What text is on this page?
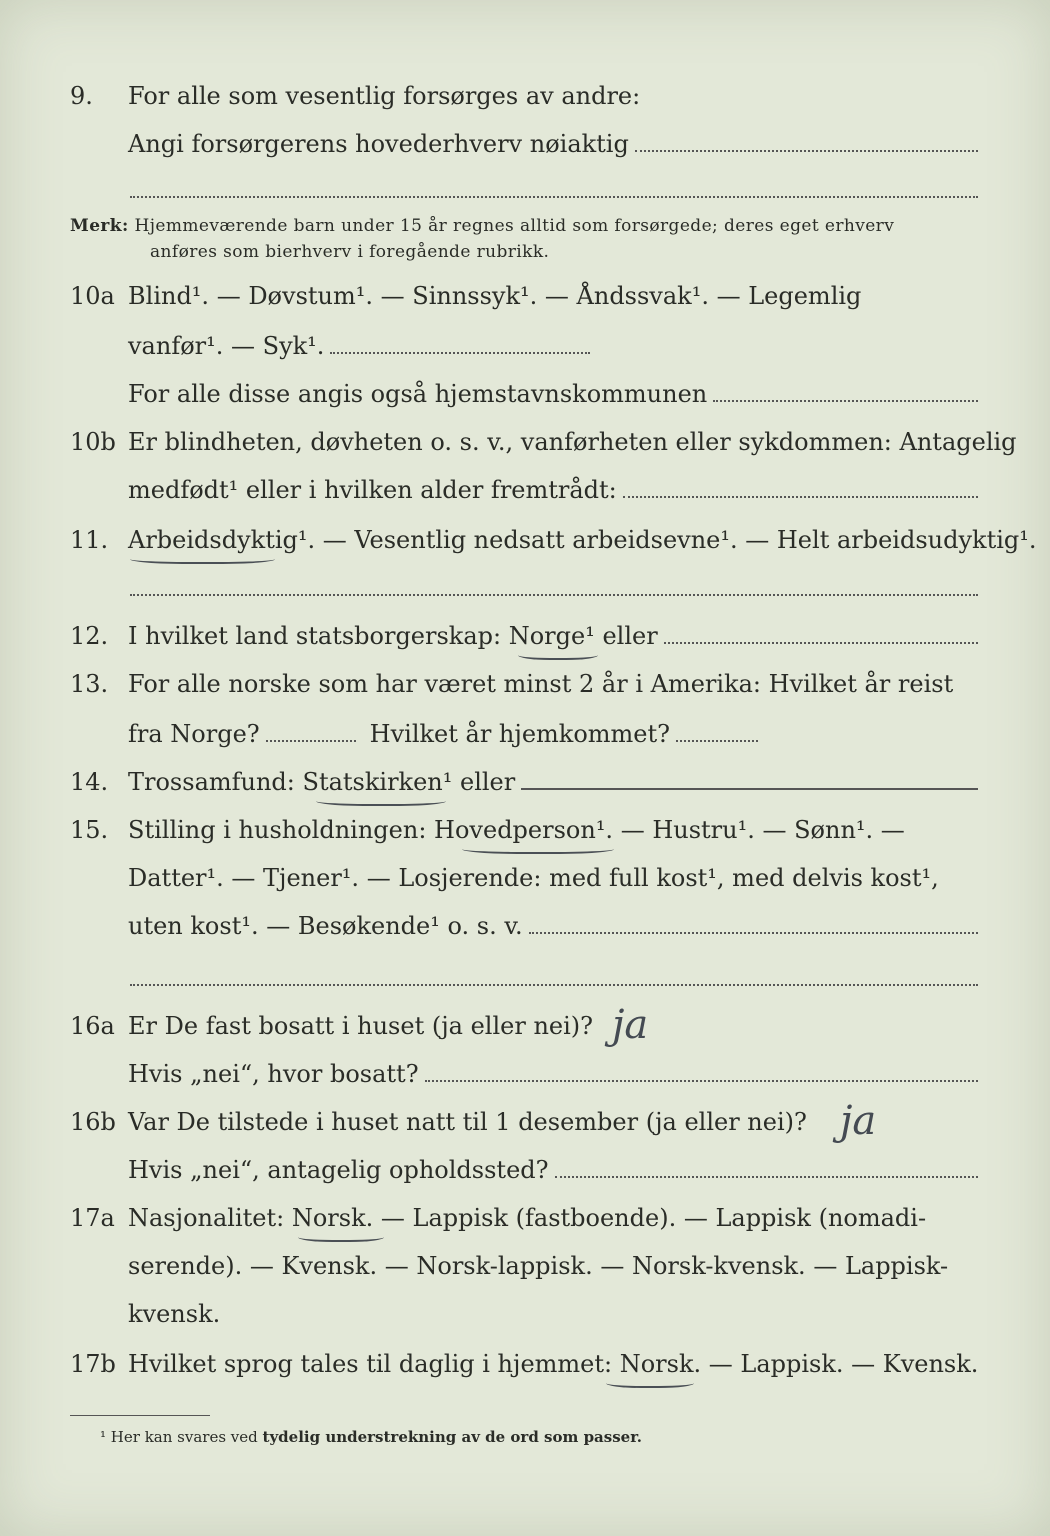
9.	For alle som vesentlig forsørges av andre:
Angi forsørgerens hovederhverv nøiaktig
Merk: Hjemmeværende barn under 15 år regnes alltid som forsørgede; deres eget erhverv
anføres som bierhverv i foregående rubrikk.
10a Blind¹. — Døvstum¹. — Sinnssyk¹. — Åndssvak¹. — Legemlig
vanfør¹. — Syk¹.
For alle disse angis også hjemstavnskommunen
10b Er blindheten, døvheten o. s. v., vanførheten eller sykdommen: Antagelig
medfødt¹ eller i hvilken alder fremtrådt:
11. Arbeidsdyktig¹. — Vesentlig nedsatt arbeidsevne¹. — Helt arbeidsudyktig¹.
12. I hvilket land statsborgerskap: Norge¹ eller
13. For alle norske som har været minst 2 år i Amerika: Hvilket år reist
fra Norge?	Hvilket år hjemkommet?
14. Trossamfund: Statskirken¹ eller
15. Stilling i husholdningen: Hovedperson¹. — Hustru¹. — Sønn¹. —
Datter¹. — Tjener¹. — Losjerende: med full kost¹, med delvis kost¹,
uten kost¹. — Besøkende¹ o. s. v.
16a Er De fast bosatt i huset (ja eller nei)? ja
Hvis „nei“, hvor bosatt?
16b Var De tilstede i huset natt til 1 desember (ja eller nei)? ja
Hvis „nei“, antagelig opholdssted?
17a Nasjonalitet: Norsk. — Lappisk (fastboende). — Lappisk (nomadi-
serende). — Kvensk. — Norsk-lappisk. — Norsk-kvensk. — Lappisk-
kvensk.
17b Hvilket sprog tales til daglig i hjemmet: Norsk. — Lappisk. — Kvensk.
¹ Her kan svares ved tydelig understrekning av de ord som passer.
